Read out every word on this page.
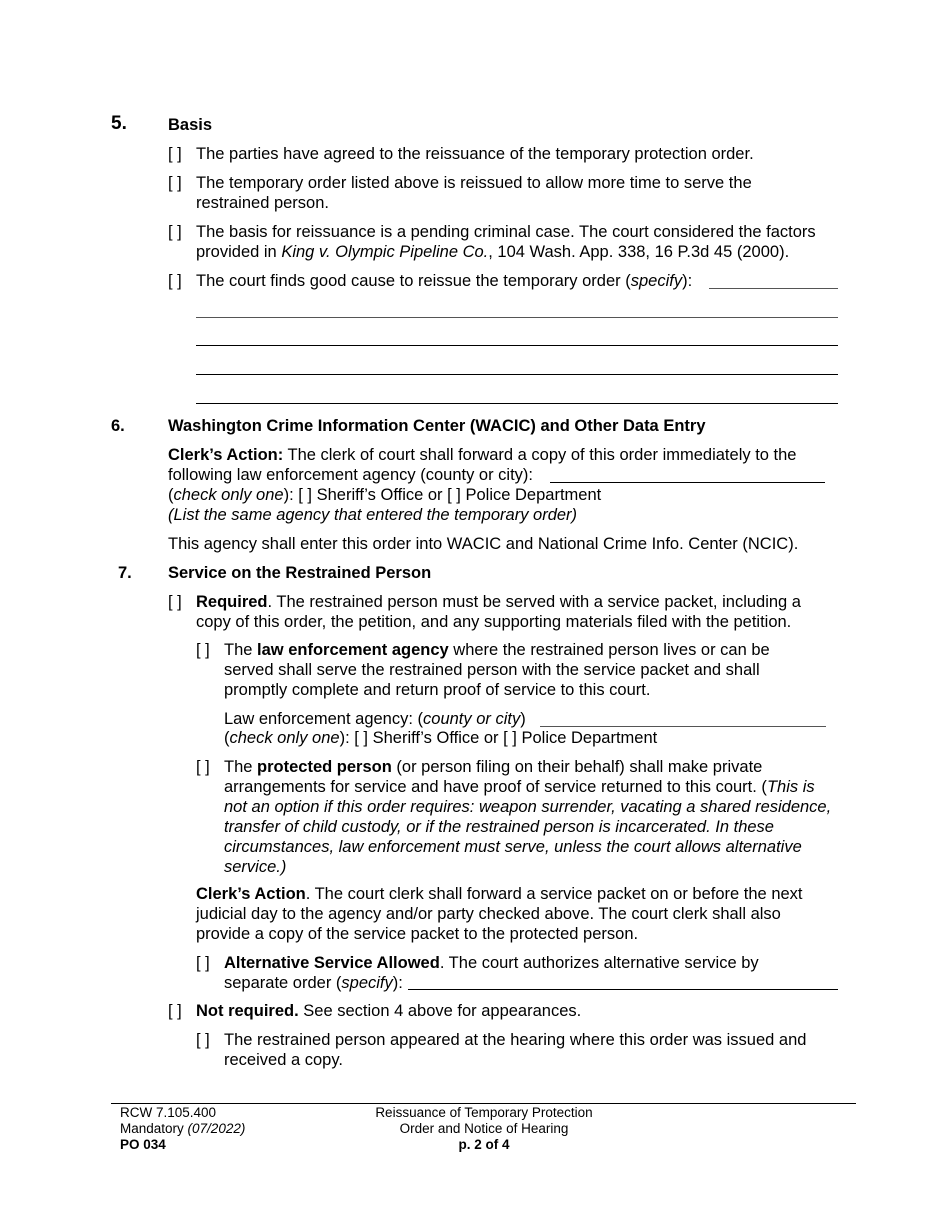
5. Basis
[ ] The parties have agreed to the reissuance of the temporary protection order.
[ ] The temporary order listed above is reissued to allow more time to serve the restrained person.
[ ] The basis for reissuance is a pending criminal case. The court considered the factors provided in King v. Olympic Pipeline Co., 104 Wash. App. 338, 16 P.3d 45 (2000).
[ ] The court finds good cause to reissue the temporary order (specify):
6.	Washington Crime Information Center (WACIC) and Other Data Entry
Clerk’s Action: The clerk of court shall forward a copy of this order immediately to the following law enforcement agency (county or city):
(check only one): [ ] Sheriff’s Office or [ ] Police Department
(List the same agency that entered the temporary order)
This agency shall enter this order into WACIC and National Crime Info. Center (NCIC).
7. Service on the Restrained Person
[ ] Required. The restrained person must be served with a service packet, including a copy of this order, the petition, and any supporting materials filed with the petition.
[ ] The law enforcement agency where the restrained person lives or can be served shall serve the restrained person with the service packet and shall promptly complete and return proof of service to this court.
Law enforcement agency: (county or city)
(check only one): [ ] Sheriff’s Office or [ ] Police Department
[ ] The protected person (or person filing on their behalf) shall make private arrangements for service and have proof of service returned to this court. (This is not an option if this order requires: weapon surrender, vacating a shared residence, transfer of child custody, or if the restrained person is incarcerated. In these circumstances, law enforcement must serve, unless the court allows alternative service.)
Clerk’s Action. The court clerk shall forward a service packet on or before the next judicial day to the agency and/or party checked above. The court clerk shall also provide a copy of the service packet to the protected person.
[ ] Alternative Service Allowed. The court authorizes alternative service by separate order (specify):
[ ] Not required. See section 4 above for appearances.
[ ] The restrained person appeared at the hearing where this order was issued and received a copy.
RCW 7.105.400
Mandatory (07/2022)
PO 034
Reissuance of Temporary Protection
Order and Notice of Hearing
p. 2 of 4
